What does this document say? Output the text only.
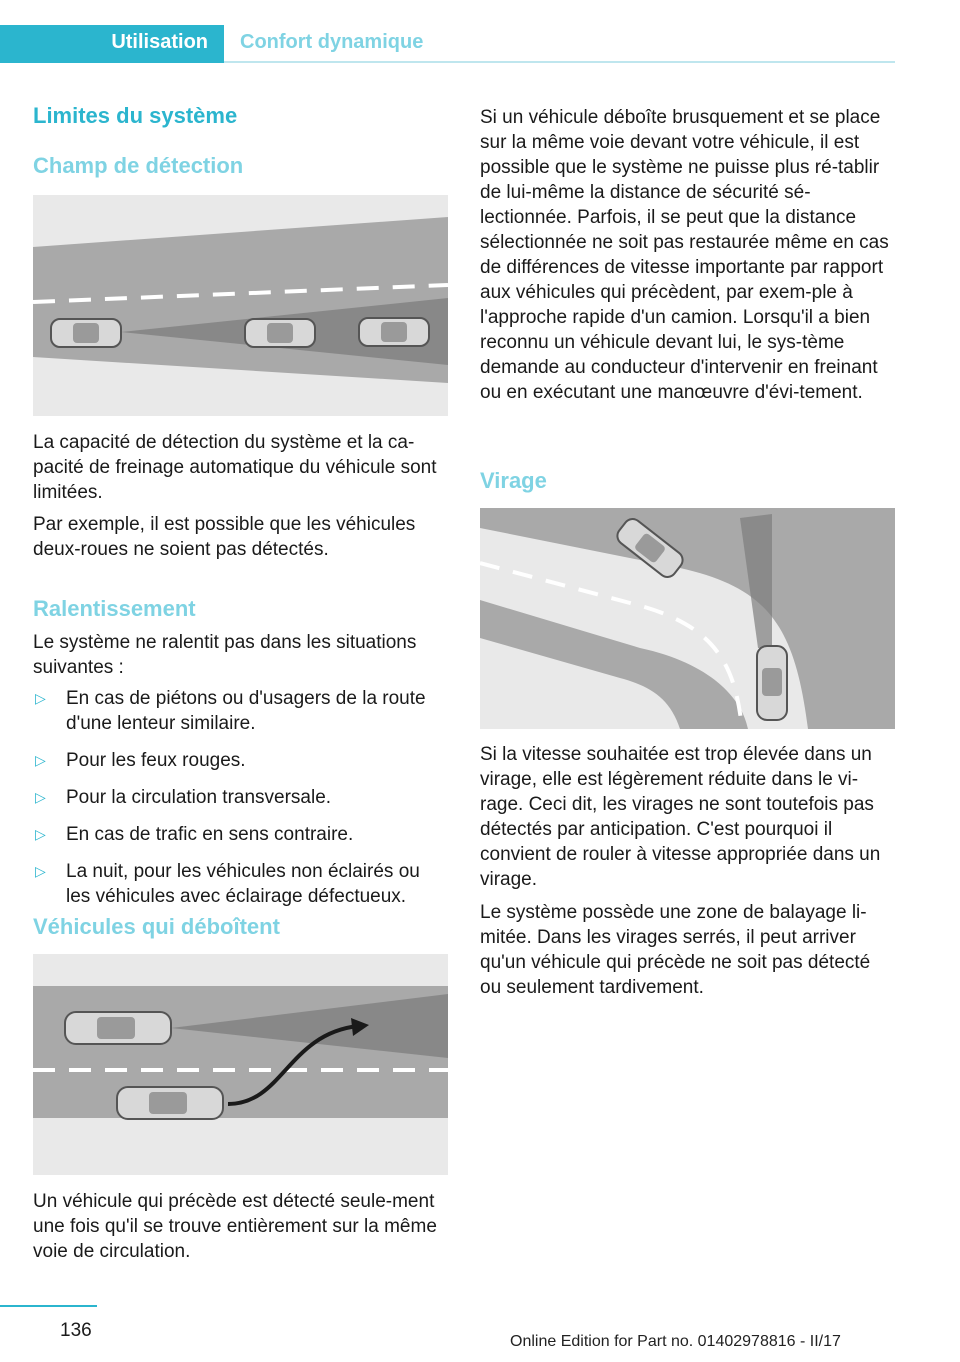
Utilisation Confort dynamique
Limites du système
Champ de détection
La capacité de détection du système et la ca‐pacité de freinage automatique du véhicule sont limitées.
Par exemple, il est possible que les véhicules deux-roues ne soient pas détectés.
Ralentissement
Le système ne ralentit pas dans les situations suivantes :
▷ En cas de piétons ou d'usagers de la route d'une lenteur similaire.
▷ Pour les feux rouges.
▷ Pour la circulation transversale.
▷ En cas de trafic en sens contraire.
▷ La nuit, pour les véhicules non éclairés ou les véhicules avec éclairage défectueux.
Véhicules qui déboîtent
Un véhicule qui précède est détecté seule‐ment une fois qu'il se trouve entièrement sur la même voie de circulation.
Si un véhicule déboîte brusquement et se place sur la même voie devant votre véhicule, il est possible que le système ne puisse plus ré‐tablir de lui-même la distance de sécurité sé‐lectionnée. Parfois, il se peut que la distance sélectionnée ne soit pas restaurée même en cas de différences de vitesse importante par rapport aux véhicules qui précèdent, par exem‐ple à l'approche rapide d'un camion. Lorsqu'il a bien reconnu un véhicule devant lui, le sys‐tème demande au conducteur d'intervenir en freinant ou en exécutant une manœuvre d'évi‐tement.
Virage
Si la vitesse souhaitée est trop élevée dans un virage, elle est légèrement réduite dans le vi‐rage. Ceci dit, les virages ne sont toutefois pas détectés par anticipation. C'est pourquoi il convient de rouler à vitesse appropriée dans un virage.
Le système possède une zone de balayage li‐mitée. Dans les virages serrés, il peut arriver qu'un véhicule qui précède ne soit pas détecté ou seulement tardivement.
136
Online Edition for Part no. 01402978816 - II/17
